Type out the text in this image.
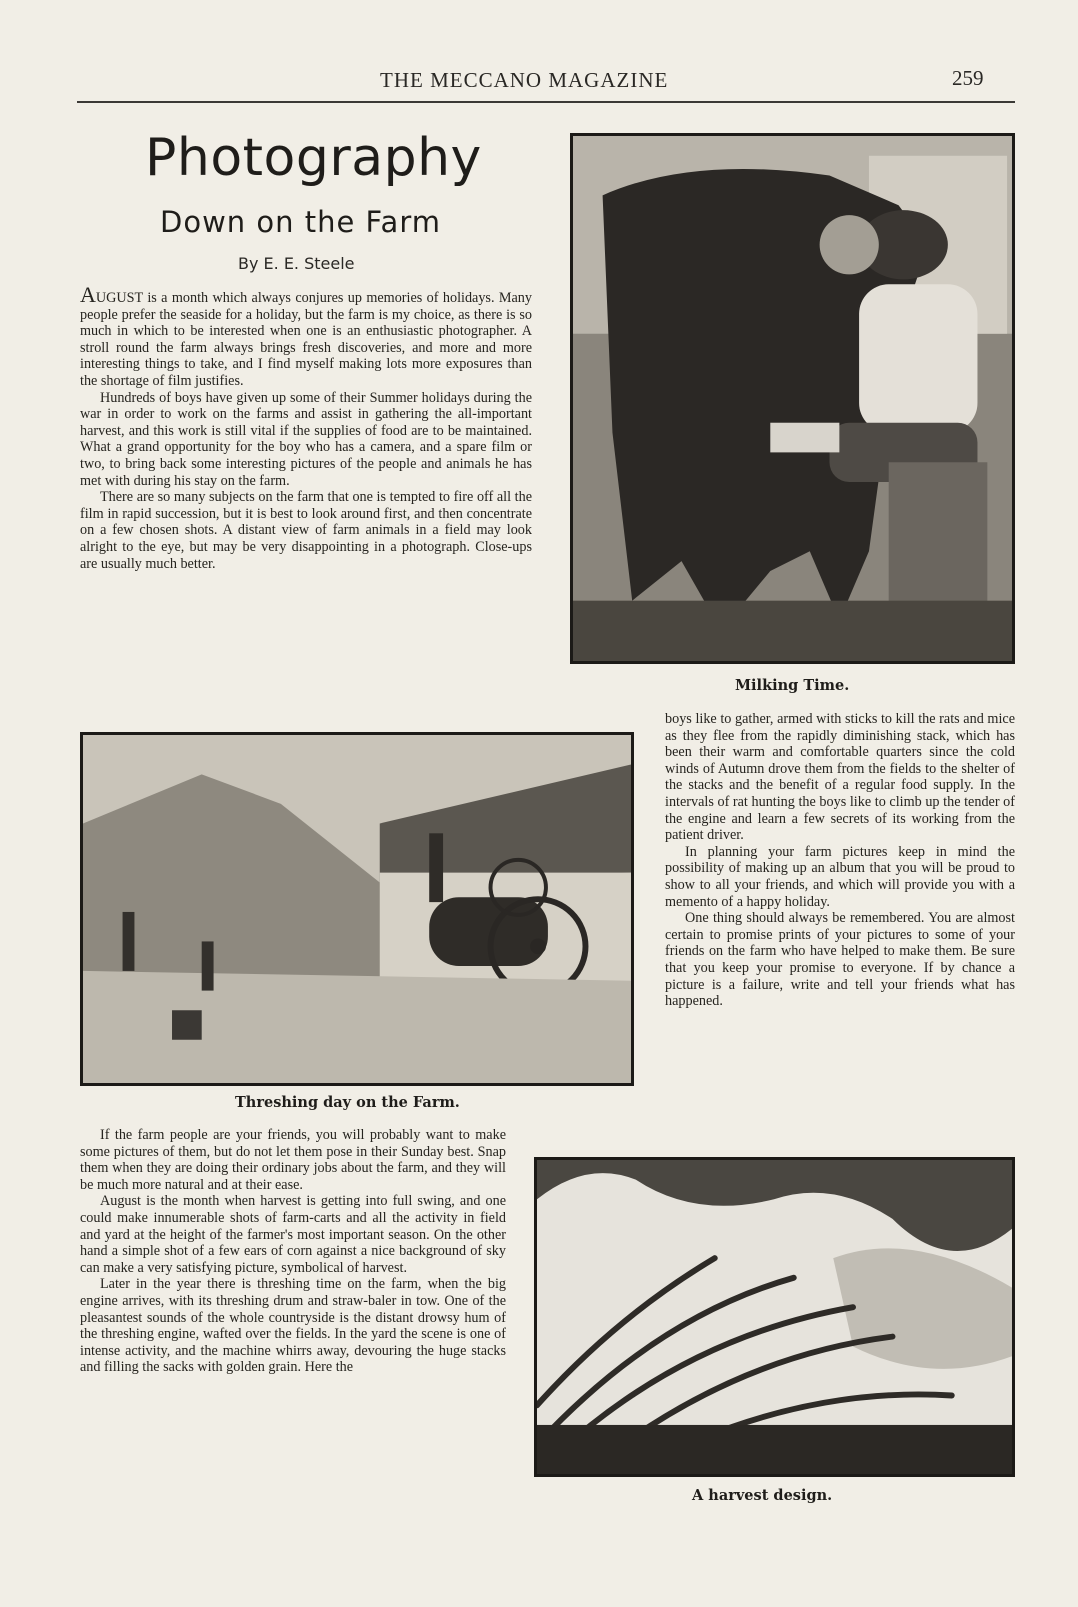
THE MECCANO MAGAZINE	259
Photography
Down on the Farm
By E. E. Steele

AUGUST is a month which always conjures up memories of holidays. Many people prefer the seaside for a holiday, but the farm is my choice, as there is so much in which to be interested when one is an enthusiastic photographer. A stroll round the farm always brings fresh discoveries, and more and more interesting things to take, and I find myself making lots more exposures than the shortage of film justifies.

Hundreds of boys have given up some of their Summer holidays during the war in order to work on the farms and assist in gathering the all-important harvest, and this work is still vital if the supplies of food are to be maintained. What a grand opportunity for the boy who has a camera, and a spare film or two, to bring back some interesting pictures of the people and animals he has met with during his stay on the farm.

There are so many subjects on the farm that one is tempted to fire off all the film in rapid succession, but it is best to look around first, and then concentrate on a few chosen shots. A distant view of farm animals in a field may look alright to the eye, but may be very disappointing in a photograph. Close-ups are usually much better.

Milking Time.
Threshing day on the Farm.

If the farm people are your friends, you will probably want to make some pictures of them, but do not let them pose in their Sunday best. Snap them when they are doing their ordinary jobs about the farm, and they will be much more natural and at their ease.

August is the month when harvest is getting into full swing, and one could make innumerable shots of farm-carts and all the activity in field and yard at the height of the farmer's most important season. On the other hand a simple shot of a few ears of corn against a nice background of sky can make a very satisfying picture, symbolical of harvest.

Later in the year there is threshing time on the farm, when the big engine arrives, with its threshing drum and straw-baler in tow. One of the pleasantest sounds of the whole countryside is the distant drowsy hum of the threshing engine, wafted over the fields. In the yard the scene is one of intense activity, and the machine whirrs away, devouring the huge stacks and filling the sacks with golden grain. Here the

boys like to gather, armed with sticks to kill the rats and mice as they flee from the rapidly diminishing stack, which has been their warm and comfortable quarters since the cold winds of Autumn drove them from the fields to the shelter of the stacks and the benefit of a regular food supply. In the intervals of rat hunting the boys like to climb up the tender of the engine and learn a few secrets of its working from the patient driver.

In planning your farm pictures keep in mind the possibility of making up an album that you will be proud to show to all your friends, and which will provide you with a memento of a happy holiday.

One thing should always be remembered. You are almost certain to promise prints of your pictures to some of your friends on the farm who have helped to make them. Be sure that you keep your promise to everyone. If by chance a picture is a failure, write and tell your friends what has happened.

A harvest design.
